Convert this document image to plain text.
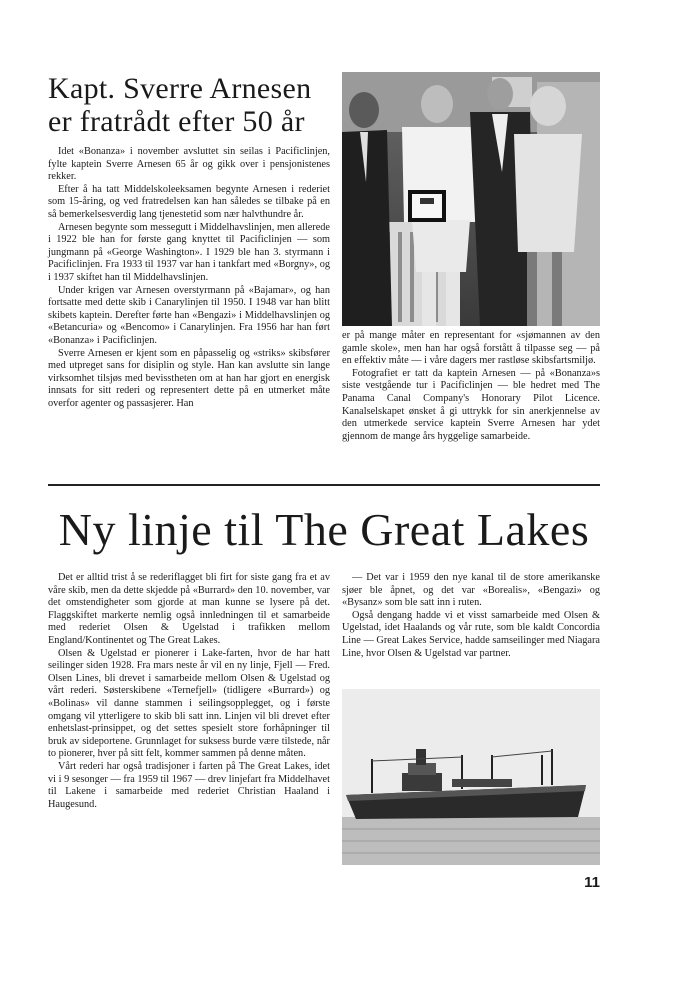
Kapt. Sverre Arnesen
er fratrådt efter 50 år

Idet «Bonanza» i november avsluttet sin seilas i Pacificlinjen, fylte kaptein Sverre Arnesen 65 år og gikk over i pensjonistenes rekker.

Efter å ha tatt Middelskoleeksamen begynte Arnesen i rederiet som 15-åring, og ved fratredelsen kan han således se tilbake på en så bemerkelsesverdig lang tjenestetid som nær halvthundre år.

Arnesen begynte som messegutt i Middelhavslinjen, men allerede i 1922 ble han for første gang knyttet til Pacificlinjen — som jungmann på «George Washington». I 1929 ble han 3. styrmann i Pacificlinjen. Fra 1933 til 1937 var han i tankfart med «Borgny», og i 1937 skiftet han til Middelhavslinjen.

Under krigen var Arnesen overstyrmann på «Bajamar», og han fortsatte med dette skib i Canarylinjen til 1950. I 1948 var han blitt skibets kaptein. Derefter førte han «Bengazi» i Middelhavslinjen og «Betancuria» og «Bencomo» i Canarylinjen. Fra 1956 har han ført «Bonanza» i Pacificlinjen.

Sverre Arnesen er kjent som en påpasselig og «striks» skibsfører med utpreget sans for disiplin og style. Han kan avslutte sin lange virksomhet tilsjøs med bevisstheten om at han har gjort en energisk innsats for sitt rederi og representert dette på en utmerket måte overfor agenter og passasjerer. Han

er på mange måter en representant for «sjømannen av den gamle skole», men han har også forstått å tilpasse seg — på en effektiv måte — i våre dagers mer rastløse skibsfartsmiljø.

Fotografiet er tatt da kaptein Arnesen — på «Bonanza»s siste vestgående tur i Pacificlinjen — ble hedret med The Panama Canal Company's Honorary Pilot Licence. Kanalselskapet ønsket å gi uttrykk for sin anerkjennelse av den utmerkede service kaptein Sverre Arnesen har ydet gjennom de mange års hyggelige samarbeide.

Ny linje til The Great Lakes

Det er alltid trist å se rederiflagget bli firt for siste gang fra et av våre skib, men da dette skjedde på «Burrard» den 10. november, var det omstendigheter som gjorde at man kunne se lysere på det. Flaggskiftet markerte nemlig også innledningen til et samarbeide med rederiet Olsen & Ugelstad i trafikken mellom England/Kontinentet og The Great Lakes.

Olsen & Ugelstad er pionerer i Lake-farten, hvor de har hatt seilinger siden 1928. Fra mars neste år vil en ny linje, Fjell — Fred. Olsen Lines, bli drevet i samarbeide mellom Olsen & Ugelstad og vårt rederi. Søsterskibene «Ternefjell» (tidligere «Burrard») og «Bolinas» vil danne stammen i seilingsopplegget, og i første omgang vil ytterligere to skib bli satt inn. Linjen vil bli drevet efter enhetslast-prinsippet, og det settes spesielt store forhåpninger til bruk av sideportene. Grunnlaget for suksess burde være tilstede, når to pionerer, hver på sitt felt, kommer sammen på denne måten.

Vårt rederi har også tradisjoner i farten på The Great Lakes, idet vi i 9 sesonger — fra 1959 til 1967 — drev linjefart fra Middelhavet til Lakene i samarbeide med rederiet Christian Haaland i Haugesund.

— Det var i 1959 den nye kanal til de store amerikanske sjøer ble åpnet, og det var «Borealis», «Bengazi» og «Bysanz» som ble satt inn i ruten.

Også dengang hadde vi et visst samarbeide med Olsen & Ugelstad, idet Haalands og vår rute, som ble kaldt Concordia Line — Great Lakes Service, hadde samseilinger med Niagara Line, hvor Olsen & Ugelstad var partner.

11
